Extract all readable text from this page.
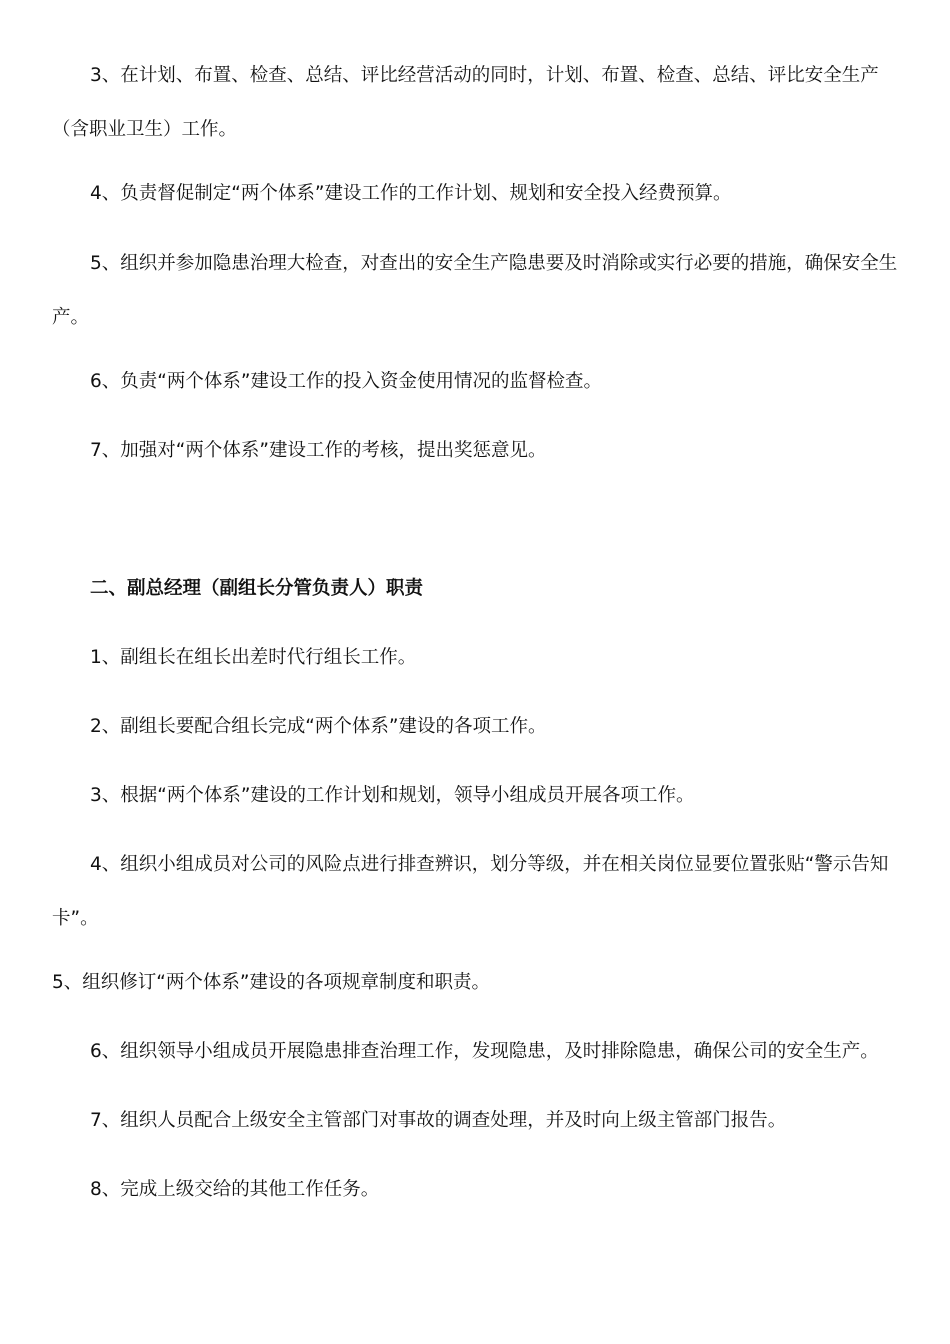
3、在计划、布置、检查、总结、评比经营活动的同时，计划、布置、检查、总结、评比安全生产（含职业卫生）工作。

4、负责督促制定“两个体系”建设工作的工作计划、规划和安全投入经费预算。

5、组织并参加隐患治理大检查，对查出的安全生产隐患要及时消除或实行必要的措施，确保安全生产。

6、负责“两个体系”建设工作的投入资金使用情况的监督检查。

7、加强对“两个体系”建设工作的考核，提出奖惩意见。

二、副总经理（副组长分管负责人）职责

1、副组长在组长出差时代行组长工作。

2、副组长要配合组长完成“两个体系”建设的各项工作。

3、根据“两个体系”建设的工作计划和规划，领导小组成员开展各项工作。

4、组织小组成员对公司的风险点进行排查辨识，划分等级，并在相关岗位显要位置张贴“警示告知卡”。

5、组织修订“两个体系”建设的各项规章制度和职责。

6、组织领导小组成员开展隐患排查治理工作，发现隐患，及时排除隐患，确保公司的安全生产。

7、组织人员配合上级安全主管部门对事故的调查处理，并及时向上级主管部门报告。

8、完成上级交给的其他工作任务。
